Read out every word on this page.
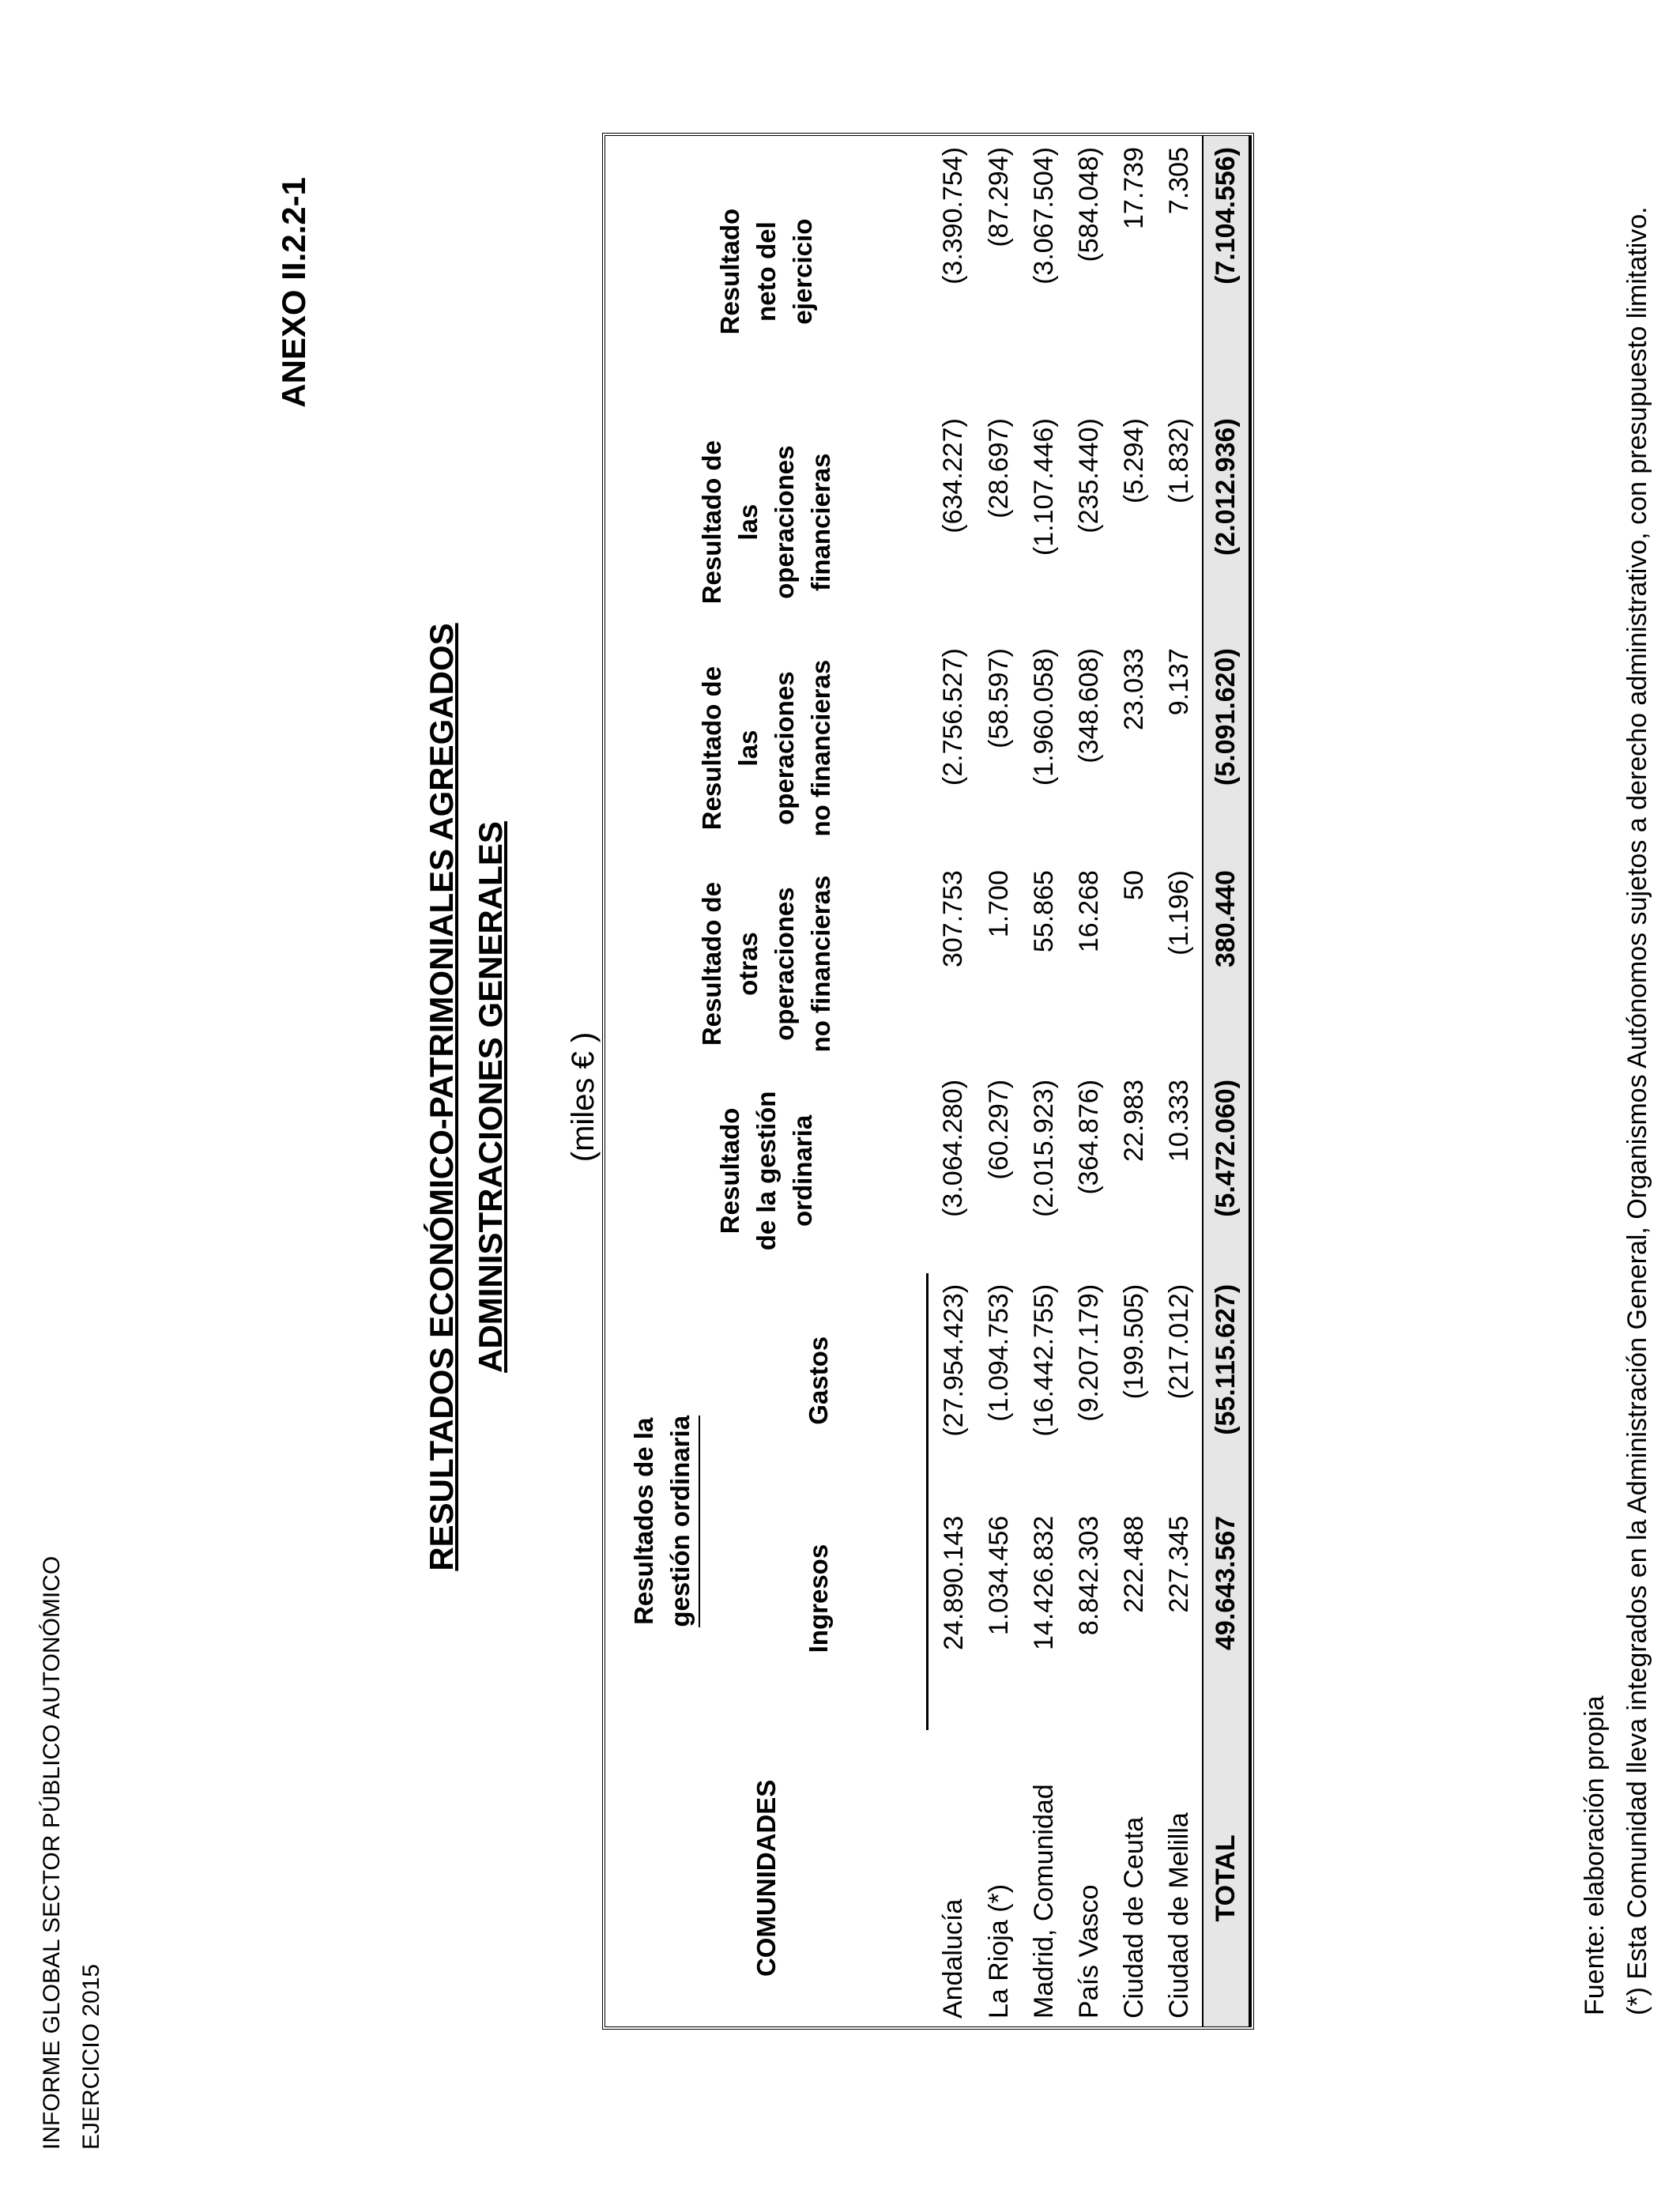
INFORME GLOBAL SECTOR PÚBLICO AUTONÓMICO EJERCICIO 2015
ANEXO II.2.2-1
RESULTADOS ECONÓMICO-PATRIMONIALES AGREGADOS ADMINISTRACIONES GENERALES (miles € )
COMUNIDADES	Resultados de la gestión ordinaria		Resultado de la gestión ordinaria	Resultado de otras operaciones no financieras	Resultado de las operaciones no financieras	Resultado de las operaciones financieras	Resultado neto del ejercicio
	Ingresos	Gastos					
Andalucía	24.890.143	(27.954.423)	(3.064.280)	307.753	(2.756.527)	(634.227)	(3.390.754)
La Rioja (*)	1.034.456	(1.094.753)	(60.297)	1.700	(58.597)	(28.697)	(87.294)
Madrid, Comunidad	14.426.832	(16.442.755)	(2.015.923)	55.865	(1.960.058)	(1.107.446)	(3.067.504)
País Vasco	8.842.303	(9.207.179)	(364.876)	16.268	(348.608)	(235.440)	(584.048)
Ciudad de Ceuta	222.488	(199.505)	22.983	50	23.033	(5.294)	17.739
Ciudad de Melilla	227.345	(217.012)	10.333	(1.196)	9.137	(1.832)	7.305
TOTAL	49.643.567	(55.115.627)	(5.472.060)	380.440	(5.091.620)	(2.012.936)	(7.104.556)
Fuente: elaboración propia (*) Esta Comunidad lleva integrados en la Administración General, Organismos Autónomos sujetos a derecho administrativo, con presupuesto limitativo.
